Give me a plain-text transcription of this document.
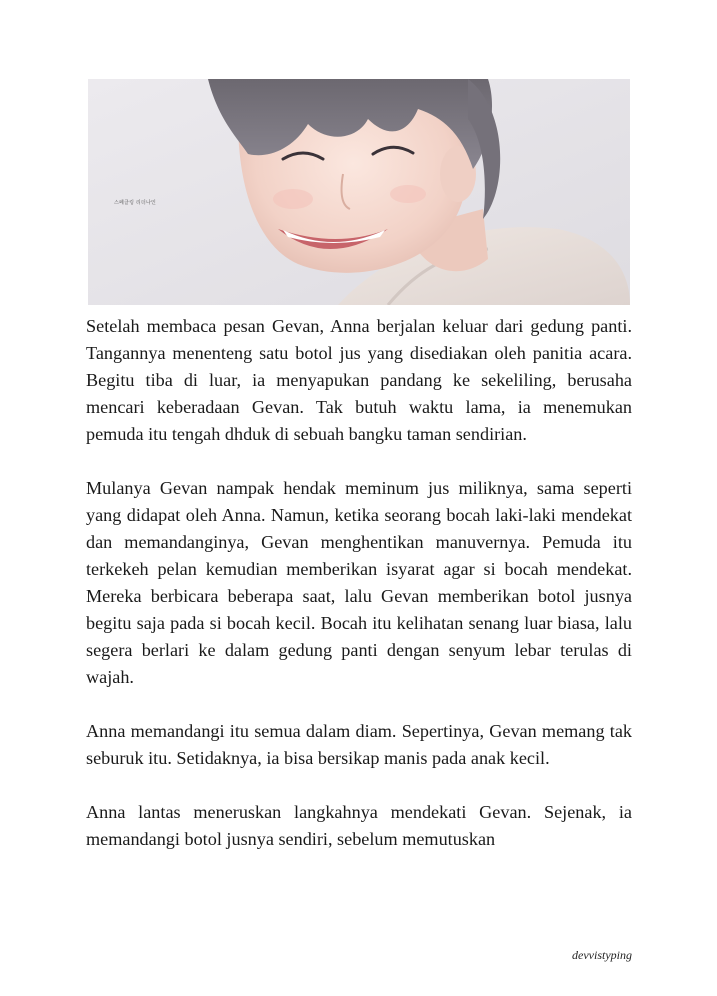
스페클링 리더나인

Setelah membaca pesan Gevan, Anna berjalan keluar dari gedung panti. Tangannya menenteng satu botol jus yang disediakan oleh panitia acara. Begitu tiba di luar, ia menyapukan pandang ke sekeliling, berusaha mencari keberadaan Gevan. Tak butuh waktu lama, ia menemukan pemuda itu tengah dhduk di sebuah bangku taman sendirian.

Mulanya Gevan nampak hendak meminum jus miliknya, sama seperti yang didapat oleh Anna. Namun, ketika seorang bocah laki-laki mendekat dan memandanginya, Gevan menghentikan manuvernya. Pemuda itu terkekeh pelan kemudian memberikan isyarat agar si bocah mendekat. Mereka berbicara beberapa saat, lalu Gevan memberikan botol jusnya begitu saja pada si bocah kecil. Bocah itu kelihatan senang luar biasa, lalu segera berlari ke dalam gedung panti dengan senyum lebar terulas di wajah.

Anna memandangi itu semua dalam diam. Sepertinya, Gevan memang tak seburuk itu. Setidaknya, ia bisa bersikap manis pada anak kecil.

Anna lantas meneruskan langkahnya mendekati Gevan. Sejenak, ia memandangi botol jusnya sendiri, sebelum memutuskan

devvistyping
